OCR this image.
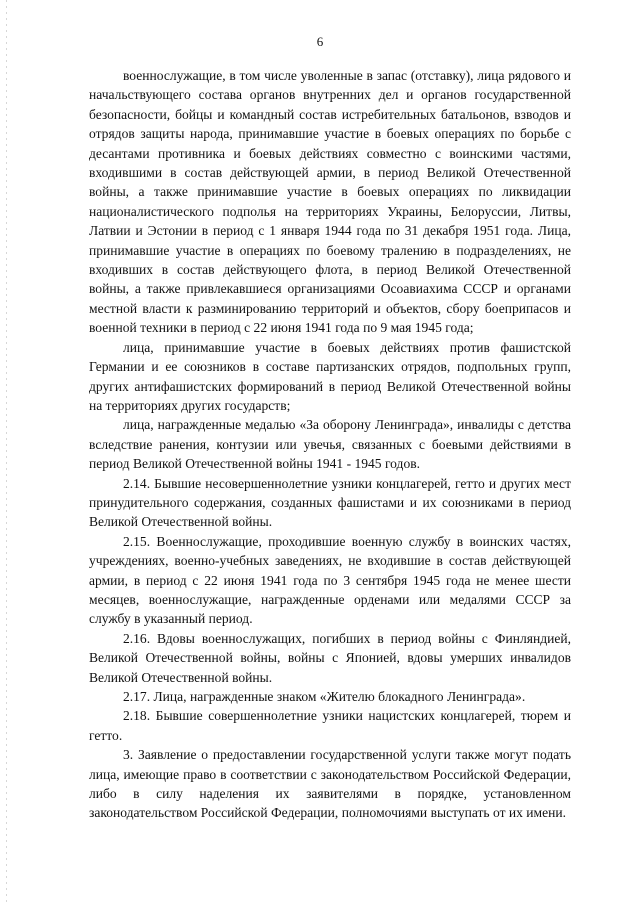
6

военнослужащие, в том числе уволенные в запас (отставку), лица рядового и начальствующего состава органов внутренних дел и органов государственной безопасности, бойцы и командный состав истребительных батальонов, взводов и отрядов защиты народа, принимавшие участие в боевых операциях по борьбе с десантами противника и боевых действиях совместно с воинскими частями, входившими в состав действующей армии, в период Великой Отечественной войны, а также принимавшие участие в боевых операциях по ликвидации националистического подполья на территориях Украины, Белоруссии, Литвы, Латвии и Эстонии в период с 1 января 1944 года по 31 декабря 1951 года. Лица, принимавшие участие в операциях по боевому тралению в подразделениях, не входивших в состав действующего флота, в период Великой Отечественной войны, а также привлекавшиеся организациями Осоавиахима СССР и органами местной власти к разминированию территорий и объектов, сбору боеприпасов и военной техники в период с 22 июня 1941 года по 9 мая 1945 года;

лица, принимавшие участие в боевых действиях против фашистской Германии и ее союзников в составе партизанских отрядов, подпольных групп, других антифашистских формирований в период Великой Отечественной войны на территориях других государств;

лица, награжденные медалью «За оборону Ленинграда», инвалиды с детства вследствие ранения, контузии или увечья, связанных с боевыми действиями в период Великой Отечественной войны 1941 - 1945 годов.

2.14. Бывшие несовершеннолетние узники концлагерей, гетто и других мест принудительного содержания, созданных фашистами и их союзниками в период Великой Отечественной войны.

2.15. Военнослужащие, проходившие военную службу в воинских частях, учреждениях, военно-учебных заведениях, не входившие в состав действующей армии, в период с 22 июня 1941 года по 3 сентября 1945 года не менее шести месяцев, военнослужащие, награжденные орденами или медалями СССР за службу в указанный период.

2.16. Вдовы военнослужащих, погибших в период войны с Финляндией, Великой Отечественной войны, войны с Японией, вдовы умерших инвалидов Великой Отечественной войны.

2.17. Лица, награжденные знаком «Жителю блокадного Ленинграда».

2.18. Бывшие совершеннолетние узники нацистских концлагерей, тюрем и гетто.

3. Заявление о предоставлении государственной услуги также могут подать лица, имеющие право в соответствии с законодательством Российской Федерации, либо в силу наделения их заявителями в порядке, установленном законодательством Российской Федерации, полномочиями выступать от их имени.
